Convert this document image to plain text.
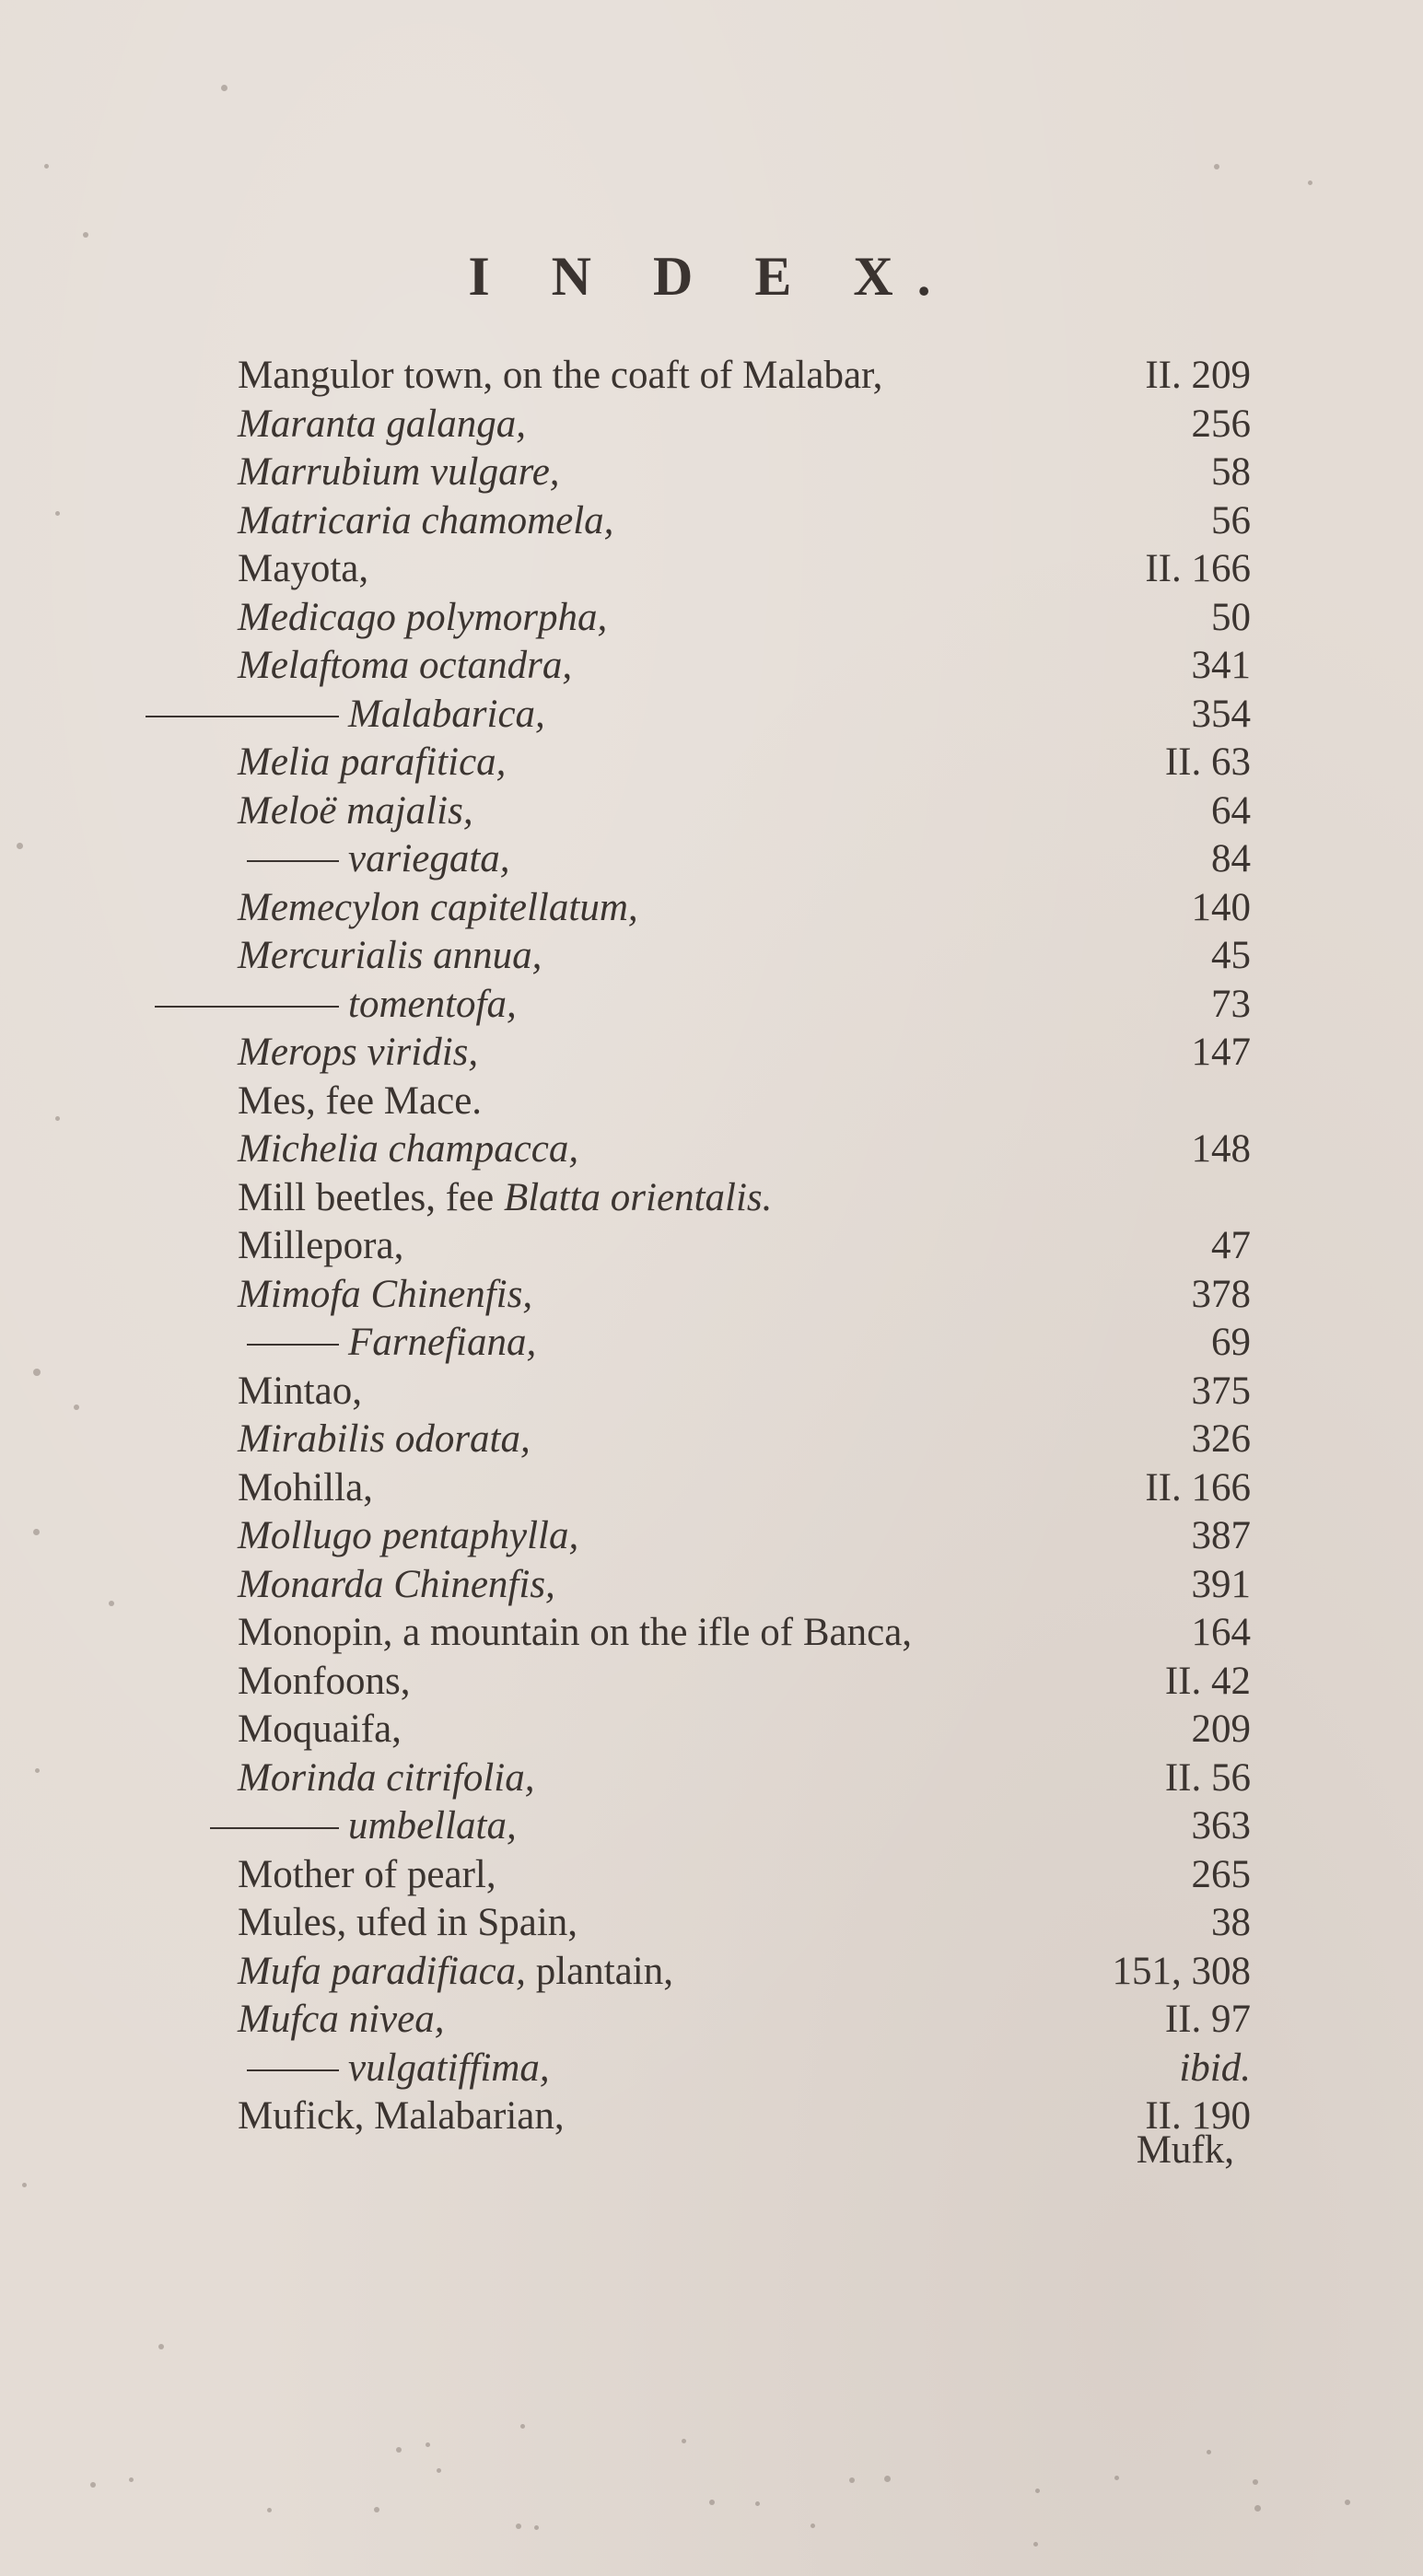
I N D E X.
Mangulor town, on the coaft of Malabar,	II. 209
Maranta galanga,	256
Marrubium vulgare,	58
Matricaria chamomela,	56
Mayota,	II. 166
Medicago polymorpha,	50
Melaftoma octandra,	341
Malabarica,	354
Melia parafitica,	II. 63
Meloë majalis,	64
variegata,	84
Memecylon capitellatum,	140
Mercurialis annua,	45
tomentofa,	73
Merops viridis,	147
Mes, fee Mace.
Michelia champacca,	148
Mill beetles, fee Blatta orientalis.
Millepora,	47
Mimofa Chinenfis,	378
Farnefiana,	69
Mintao,	375
Mirabilis odorata,	326
Mohilla,	II. 166
Mollugo pentaphylla,	387
Monarda Chinenfis,	391
Monopin, a mountain on the ifle of Banca,	164
Monfoons,	II. 42
Moquaifa,	209
Morinda citrifolia,	II. 56
umbellata,	363
Mother of pearl,	265
Mules, ufed in Spain,	38
Mufa paradifiaca, plantain,	151, 308
Mufca nivea,	II. 97
vulgatiffima,	ibid.
Mufick, Malabarian,	II. 190
Mufk,
